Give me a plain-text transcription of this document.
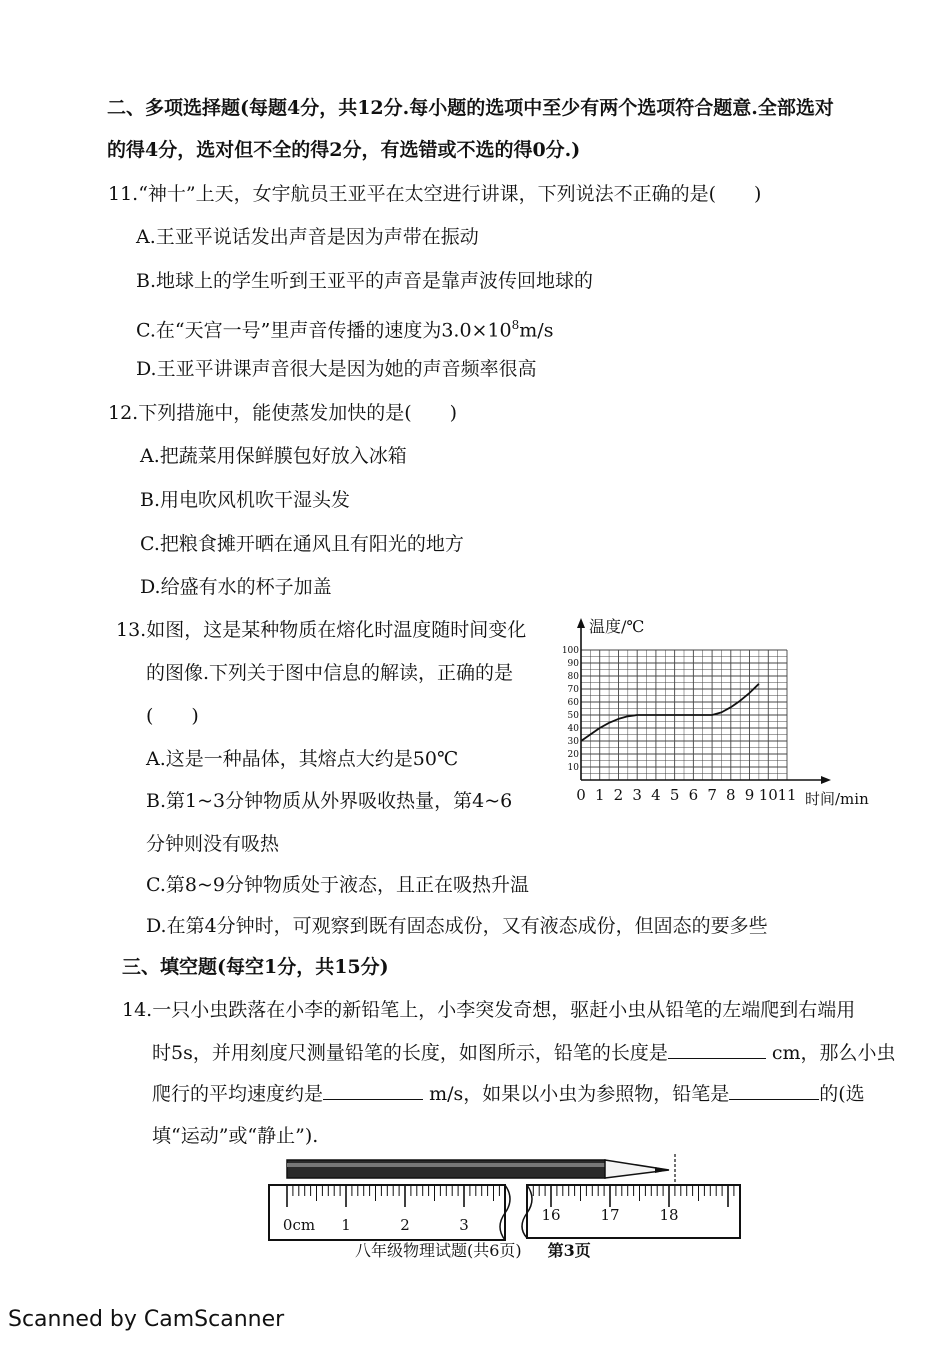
二、多项选择题(每题4分，共12分.每小题的选项中至少有两个选项符合题意.全部选对
的得4分，选对但不全的得2分，有选错或不选的得0分.)
11.“神十”上天，女宇航员王亚平在太空进行讲课，下列说法不正确的是(　　)
A.王亚平说话发出声音是因为声带在振动
B.地球上的学生听到王亚平的声音是靠声波传回地球的
C.在“天宫一号”里声音传播的速度为$3.0\times 10^8m/s$
D.王亚平讲课声音很大是因为她的声音频率很高
12.下列措施中，能使蒸发加快的是(　　)
A.把蔬菜用保鲜膜包好放入冰箱
B.用电吹风机吹干湿头发
C.把粮食摊开晒在通风且有阳光的地方
D.给盛有水的杯子加盖
13.如图，这是某种物质在熔化时温度随时间变化
的图像.下列关于图中信息的解读，正确的是
(　　)
A.这是一种晶体，其熔点大约是50℃
B.第1~3分钟物质从外界吸收热量，第4~6
分钟则没有吸热
C.第8~9分钟物质处于液态，且正在吸热升温
D.在第4分钟时，可观察到既有固态成份，又有液态成份，但固态的要多些
0 1 2 3 4 5 6 7 8 9 10 11
10
20
30
40
50
60
70
80
90
100
温度/℃
时间/min
三、填空题(每空1分，共15分)
14.一只小虫跌落在小李的新铅笔上，小李突发奇想，驱赶小虫从铅笔的左端爬到右端用
时5s，并用刻度尺测量铅笔的长度，如图所示，铅笔的长度是	cm，那么小虫
爬行的平均速度约是	m/s，如果以小虫为参照物，铅笔是	的(选
填“运动”或“静止”).
0cm 1	2	3
16	17	18
八年级物理试题(共6页) 第3页
Scanned by CamScanner
